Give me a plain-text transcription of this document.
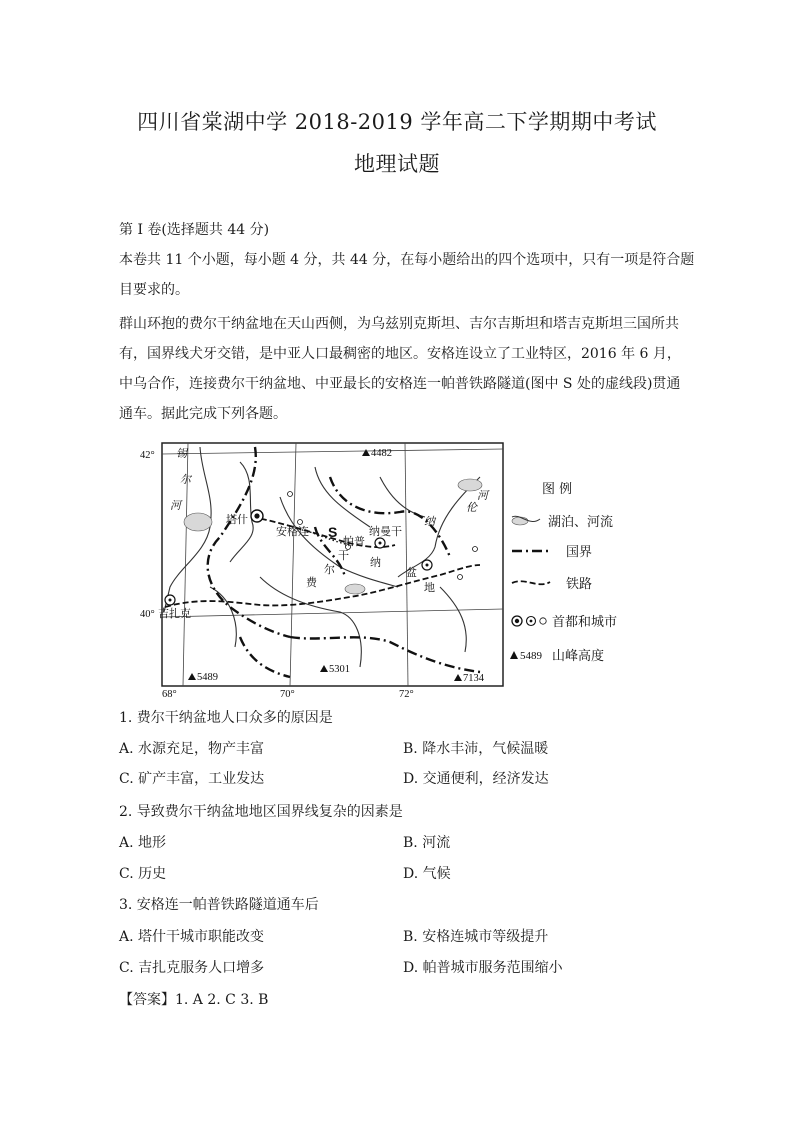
四川省棠湖中学 2018-2019 学年高二下学期期中考试
地理试题
第 I 卷(选择题共 44 分)
本卷共 11 个小题，每小题 4 分，共 44 分，在每小题给出的四个选项中，只有一项是符合题
目要求的。
群山环抱的费尔干纳盆地在天山西侧，为乌兹别克斯坦、吉尔吉斯坦和塔吉克斯坦三国所共
有，国界线犬牙交错，是中亚人口最稠密的地区。安格连设立了工业特区，2016 年 6 月，
中乌合作，连接费尔干纳盆地、中亚最长的安格连一帕普铁路隧道(图中 S 处的虚线段)贯通
通车。据此完成下列各题。
4482
5489
5301
7134
42°
40°
68°	70°	72°
塔什
安格连
帕普
纳曼干
吉扎克
锡
尔
河
河
纳
伦
费
尔
干
纳
盆
地
S
图 例
湖泊、河流
国界
铁路
首都和城市
5489 山峰高度
1. 费尔干纳盆地人口众多的原因是
A. 水源充足，物产丰富	B. 降水丰沛，气候温暖
C. 矿产丰富，工业发达	D. 交通便利，经济发达
2. 导致费尔干纳盆地地区国界线复杂的因素是
A. 地形	B. 河流
C. 历史	D. 气候
3. 安格连一帕普铁路隧道通车后
A. 塔什干城市职能改变	B. 安格连城市等级提升
C. 吉扎克服务人口增多	D. 帕普城市服务范围缩小
【答案】1. A 2. C 3. B
